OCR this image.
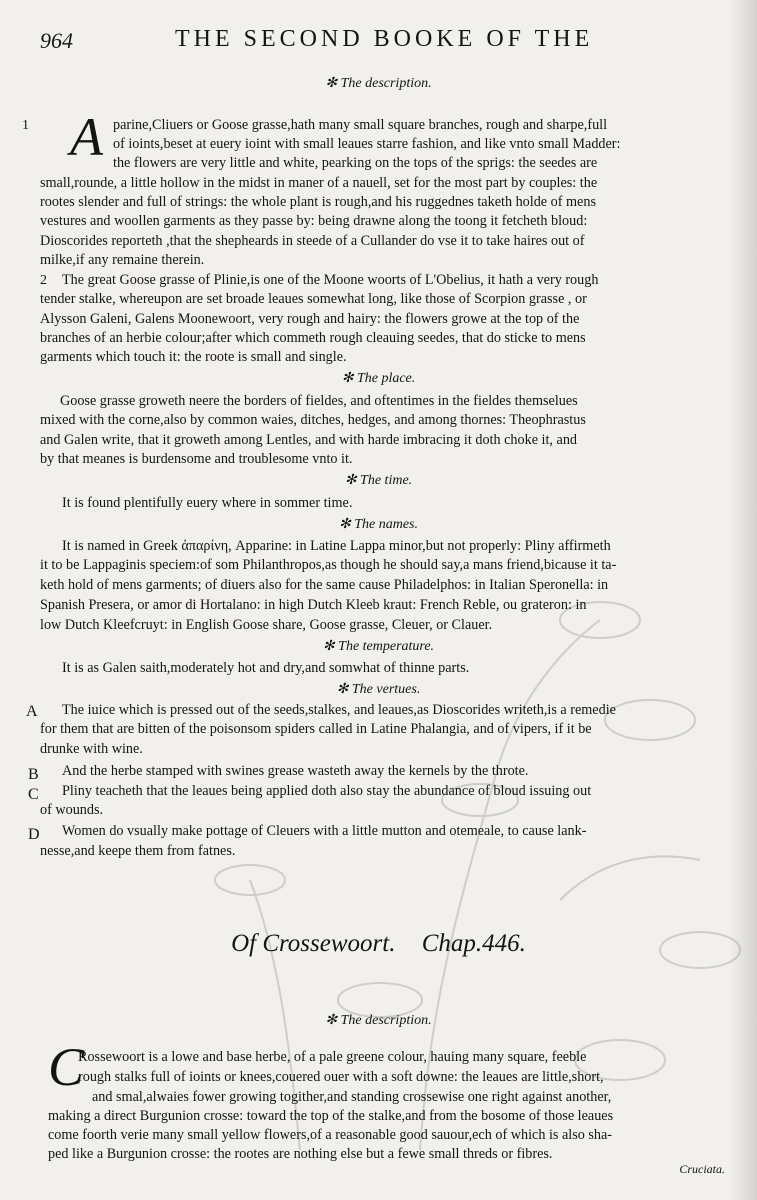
964	THE SECOND BOOKE OF THE
✻ The description.
1 A parine,Cliuers or Goose grasse,hath many small square branches, rough and sharpe,full
of ioints,beset at euery ioint with small leaues starre fashion, and like vnto small Madder:
the flowers are very little and white, pearking on the tops of the sprigs: the seedes are
small,rounde, a little hollow in the midst in maner of a nauell, set for the most part by couples: the
rootes slender and full of strings: the whole plant is rough,and his ruggednes taketh holde of mens
vestures and woollen garments as they passe by: being drawne along the toong it fetcheth bloud:
Dioscorides reporteth ,that the shepheards in steede of a Cullander do vse it to take haires out of
milke,if any remaine therein.
2 The great Goose grasse of Plinie,is one of the Moone woorts of L'Obelius, it hath a very rough
tender stalke, whereupon are set broade leaues somewhat long, like those of Scorpion grasse , or
Alysson Galeni, Galens Moonewoort, very rough and hairy: the flowers growe at the top of the
branches of an herbie colour;after which commeth rough cleauing seedes, that do sticke to mens
garments which touch it: the roote is small and single.
✻ The place.
Goose grasse groweth neere the borders of fieldes, and oftentimes in the fieldes themselues
mixed with the corne,also by common waies, ditches, hedges, and among thornes: Theophrastus
and Galen write, that it groweth among Lentles, and with harde imbracing it doth choke it, and
by that meanes is burdensome and troublesome vnto it.
✻ The time.
It is found plentifully euery where in sommer time.
✻ The names.
It is named in Greek ἀπαρίνη, Apparine: in Latine Lappa minor,but not properly: Pliny affirmeth
it to be Lappaginis speciem:of som Philanthropos,as though he should say,a mans friend,bicause it ta-
keth hold of mens garments; of diuers also for the same cause Philadelphos: in Italian Speronella: in
Spanish Presera, or amor di Hortalano: in high Dutch Kleeb kraut: French Reble, ou grateron: in
low Dutch Kleefcruyt: in English Goose share, Goose grasse, Cleuer, or Clauer.
✻ The temperature.
It is as Galen saith,moderately hot and dry,and somwhat of thinne parts.
✻ The vertues.
A The iuice which is pressed out of the seeds,stalkes, and leaues,as Dioscorides writeth,is a remedie
for them that are bitten of the poisonsom spiders called in Latine Phalangia, and of vipers, if it be
drunke with wine.
B And the herbe stamped with swines grease wasteth away the kernels by the throte.
C Pliny teacheth that the leaues being applied doth also stay the abundance of bloud issuing out
of wounds.
D Women do vsually make pottage of Cleuers with a little mutton and otemeale, to cause lank-
nesse,and keepe them from fatnes.
Of Crossewoort. Chap.446.
✻ The description.
C
Rossewoort is a lowe and base herbe, of a pale greene colour, hauing many square, feeble
rough stalks full of ioints or knees,couered ouer with a soft downe: the leaues are little,short,
and smal,alwaies fower growing togither,and standing crossewise one right against another,
making a direct Burgunion crosse: toward the top of the stalke,and from the bosome of those leaues
come foorth verie many small yellow flowers,of a reasonable good sauour,ech of which is also sha-
ped like a Burgunion crosse: the rootes are nothing else but a fewe small threds or fibres.
Cruciata.
